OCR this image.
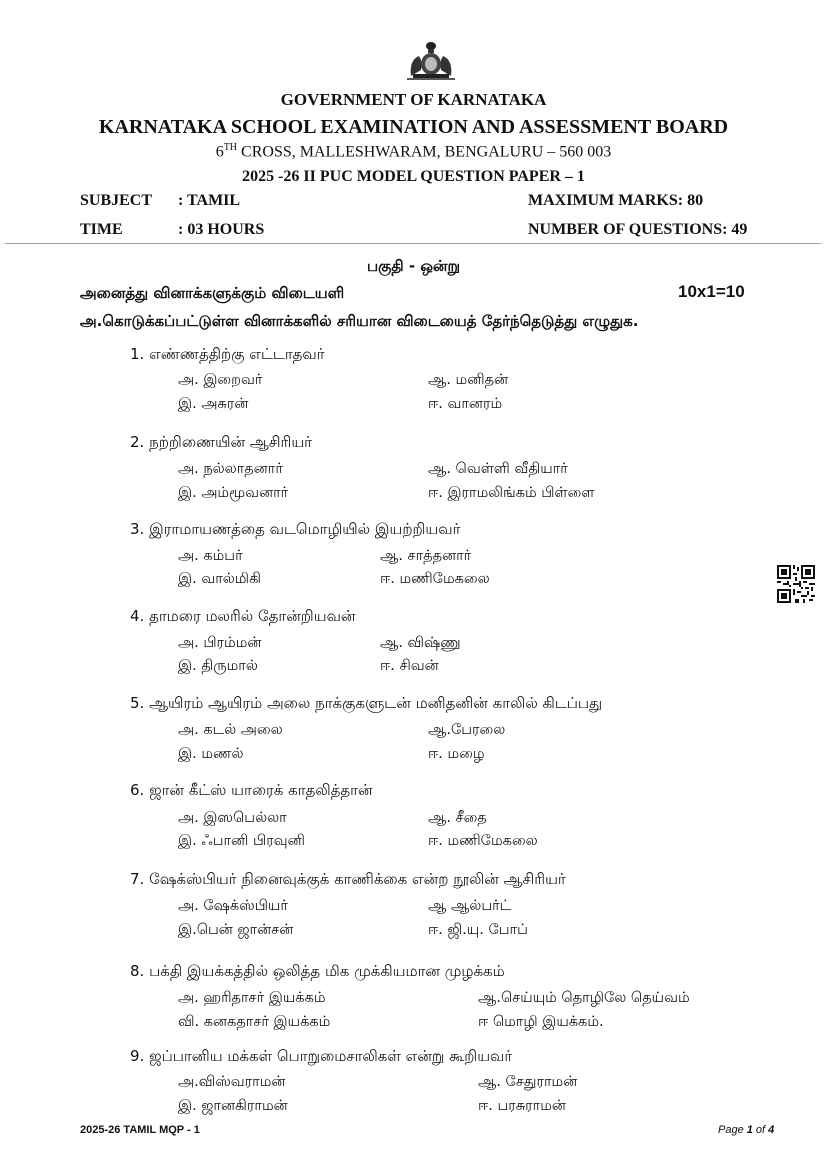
GOVERNMENT OF KARNATAKA
KARNATAKA SCHOOL EXAMINATION AND ASSESSMENT BOARD
6TH CROSS, MALLESHWARAM, BENGALURU – 560 003
2025 -26 II PUC MODEL QUESTION PAPER – 1
SUBJECT : TAMIL	MAXIMUM MARKS: 80
TIME	: 03 HOURS	NUMBER OF QUESTIONS: 49
பகுதி - ஒன்று
அனைத்து வினாக்களுக்கும் விடையளி	10x1=10
அ.கொடுக்கப்பட்டுள்ள வினாக்களில் சரியான விடையைத் தேர்ந்தெடுத்து எழுதுக.
1. எண்ணத்திற்கு எட்டாதவர்
அ. இறைவர்	ஆ. மனிதன்
இ. அசுரன்	ஈ. வானரம்
2. நற்றிணையின் ஆசிரியர்
அ. நல்லாதனார்	ஆ. வெள்ளி வீதியார்
இ. அம்மூவனார்	ஈ. இராமலிங்கம் பிள்ளை
3. இராமாயணத்தை வடமொழியில் இயற்றியவர்
அ. கம்பர்	ஆ. சாத்தனார்
இ. வால்மிகி	ஈ. மணிமேகலை
4. தாமரை மலரில் தோன்றியவன்
அ. பிரம்மன்	ஆ. விஷ்ணு
இ. திருமால்	ஈ. சிவன்
5. ஆயிரம் ஆயிரம் அலை நாக்குகளுடன் மனிதனின் காலில் கிடப்பது
அ. கடல் அலை	ஆ.பேரலை
இ. மணல்	ஈ. மழை
6. ஜான் கீட்ஸ் யாரைக் காதலித்தான்
அ. இஸபெல்லா	ஆ. சீதை
இ. ஃபானி பிரவுனி	ஈ. மணிமேகலை
7. ஷேக்ஸ்பியர் நினைவுக்குக் காணிக்கை என்ற நூலின் ஆசிரியர்
அ. ஷேக்ஸ்பியர்	ஆ ஆல்பர்ட்
இ.பென் ஜான்சன்	ஈ. ஜி.யு. போப்
8. பக்தி இயக்கத்தில் ஒலித்த மிக முக்கியமான முழக்கம்
அ. ஹரிதாசர் இயக்கம்	ஆ.செய்யும் தொழிலே தெய்வம்
வி. கனகதாசர் இயக்கம்	ஈ மொழி இயக்கம்.
9. ஜப்பானிய மக்கள் பொறுமைசாலிகள் என்று கூறியவர்
அ.விஸ்வராமன்	ஆ. சேதுராமன்
இ. ஜானகிராமன்	ஈ. பரசுராமன்
2025-26 TAMIL MQP - 1	Page 1 of 4
